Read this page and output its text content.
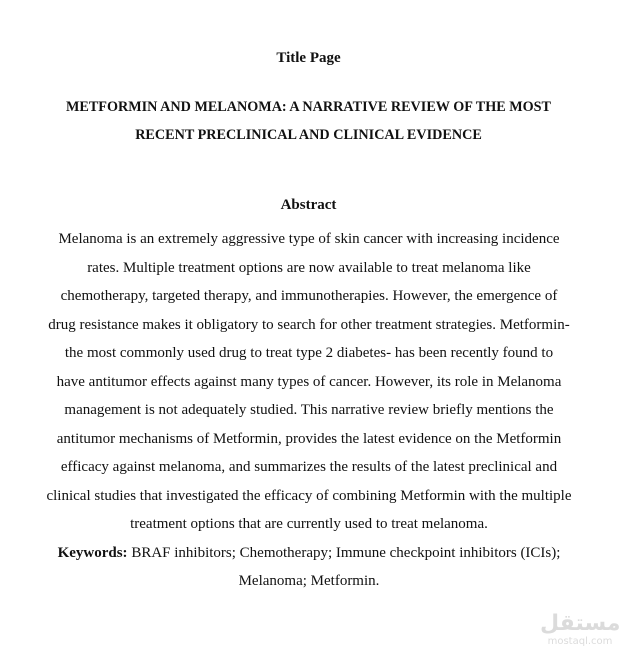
Title Page
METFORMIN AND MELANOMA: A NARRATIVE REVIEW OF THE MOST
RECENT PRECLINICAL AND CLINICAL EVIDENCE
Abstract
Melanoma is an extremely aggressive type of skin cancer with increasing incidence
rates. Multiple treatment options are now available to treat melanoma like
chemotherapy, targeted therapy, and immunotherapies. However, the emergence of
drug resistance makes it obligatory to search for other treatment strategies. Metformin-
the most commonly used drug to treat type 2 diabetes- has been recently found to
have antitumor effects against many types of cancer. However, its role in Melanoma
management is not adequately studied. This narrative review briefly mentions the
antitumor mechanisms of Metformin, provides the latest evidence on the Metformin
efficacy against melanoma, and summarizes the results of the latest preclinical and
clinical studies that investigated the efficacy of combining Metformin with the multiple
treatment options that are currently used to treat melanoma.
Keywords: BRAF inhibitors; Chemotherapy; Immune checkpoint inhibitors (ICIs);
Melanoma; Metformin.
مستقل
mostaql.com
